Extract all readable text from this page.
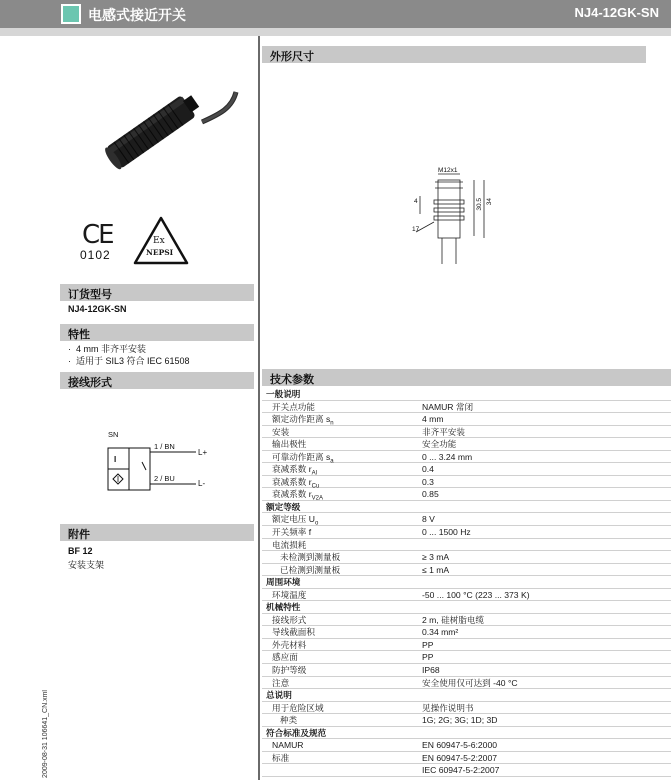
电感式接近开关	NJ4-12GK-SN
CE
0102
Ex
NEPSI
订货型号
NJ4-12GK-SN
特性
·  4 mm 非齐平安装
·  适用于 SIL3 符合 IEC 61508
接线形式
SN
I
1 / BN
2 / BU
L+
L-
附件
BF 12
安装支架
2009-08-31 106641_CN.xml
外形尺寸
M12x1
4	30.5 34
17
技术参数
一般说明
开关点功能	NAMUR 常闭
额定动作距离 $s_n$	4 mm
安装	非齐平安装
输出极性	安全功能
可靠动作距离 $s_a$	0 ... 3.24 mm
衰减系数 $r_{Al}$	0.4
衰减系数 $r_{Cu}$	0.3
衰减系数 $r_{V2A}$	0.85
额定等级
额定电压 $U_o$	8 V
开关频率 f	0 ... 1500 Hz
电流损耗
未检测到测量板	≥ 3 mA
已检测到测量板	≤ 1 mA
周围环境
环境温度	-50 ... 100 °C (223 ... 373 K)
机械特性
接线形式	2 m, 硅树脂电缆
导线截面积	0.34 mm²
外壳材料	PP
感应面	PP
防护等级	IP68
注意	安全使用仅可达到 -40 °C
总说明
用于危险区域	见操作说明书
种类	1G; 2G; 3G; 1D; 3D
符合标准及规范
NAMUR	EN 60947-5-6:2000
标准	EN 60947-5-2:2007
IEC 60947-5-2:2007
